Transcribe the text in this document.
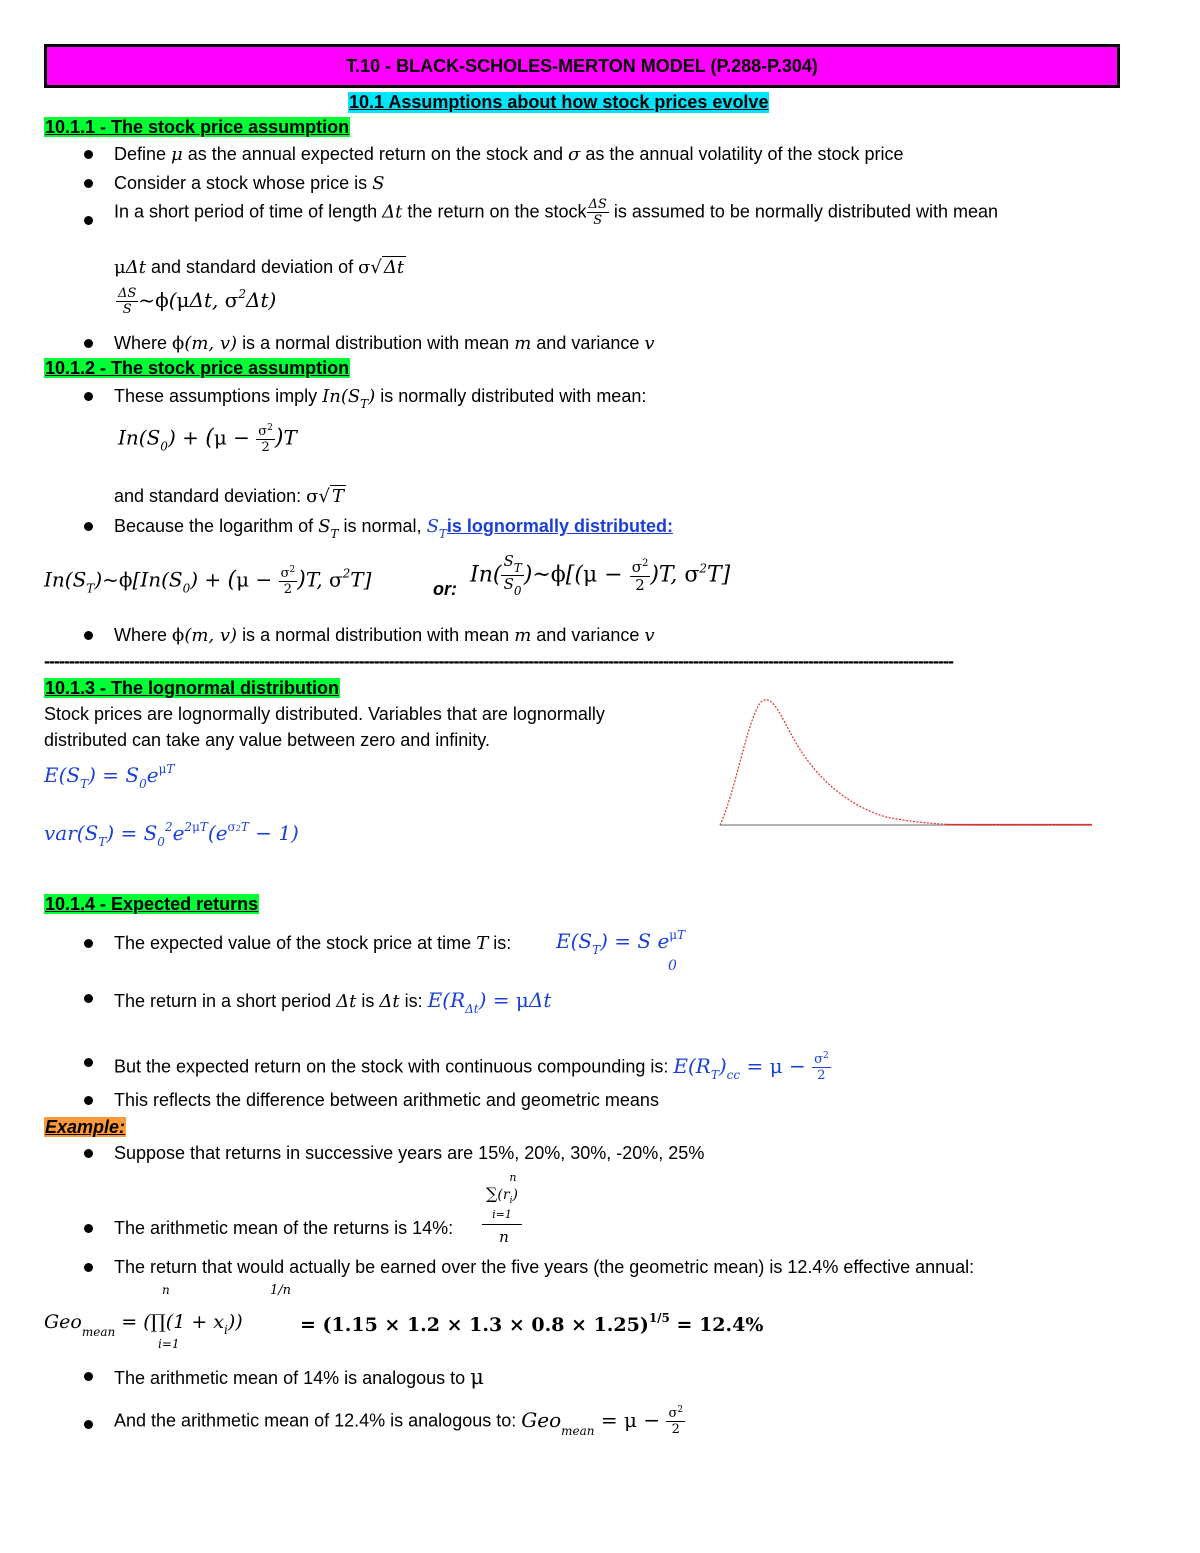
T.10 - BLACK-SCHOLES-MERTON MODEL (P.288-P.304)
10.1 Assumptions about how stock prices evolve
10.1.1 - The stock price assumption
Define μ as the annual expected return on the stock and σ as the annual volatility of the stock price
Consider a stock whose price is S
In a short period of time of length Δt the return on the stock $\frac{\Delta S}{S}$ is assumed to be normally distributed with mean
μΔt and standard deviation of σ√ Δt
$\frac{\Delta S}{S}$ ~ϕ(μΔt, $\sigma^2\Delta t$)
Where ϕ(m, v) is a normal distribution with mean m and variance v
10.1.2 - The stock price assumption
These assumptions imply $In(S_T)$ is normally distributed with mean:
$In(S_0) + (\mu - \frac{\sigma^2}{2} )T$
and standard deviation: σ√ T
Because the logarithm of $S_T$ is normal, $S_Tis$ lognormally distributed:
$In(S_T)\sim\phi[In(S_0) + (\mu - \frac{\sigma^2}{2} )T$, $\sigma^2T$]	or:
$In( \frac{S_T}{S_0}$ )~ϕ[(μ − $\frac{\sigma^2}{2} )T$, $\sigma^2T$]
Where ϕ(m, v) is a normal distribution with mean m and variance v
--------------------------------------------------------------------------------------------------------------------------------------------------------------------------------------
10.1.3 - The lognormal distribution
Stock prices are lognormally distributed. Variables that are lognormally
distributed can take any value between zero and infinity.
$E(S_T) = S_0e^{\mu T}$
$var(S_T) = S_0^2e^{2\mu T}(e^{\sigma 2T} - 1)$
10.1.4 - Expected returns
The expected value of the stock price at time T is: $E(S_T) = S$ $e^{\mu T}$
0
The return in a short period Δt is Δt is: $E(R_{\Delta t}) = \mu\Delta t$
But the expected return on the stock with continuous compounding is: $E(R_T)_{cc} = \mu - \frac{\sigma^2}{2}$
This reflects the difference between arithmetic and geometric means
Example:
Suppose that returns in successive years are 15%, 20%, 30%, -20%, 25%
n
$\sum(r_i)$
i=1
n
The arithmetic mean of the returns is 14%:
The return that would actually be earned over the five years (the geometric mean) is 12.4% effective annual:
n	1/n
Geo$_{mean}$ = (∏(1 + $x_i$))
i=1
= $(1.15 \times 1.2 \times 1.3 \times 0.8 \times 1.25)^{1/5} = 12.4\%$
The arithmetic mean of 14% is analogous to μ
And the arithmetic mean of 12.4% is analogous to: $Geo_{mean} = \mu - \frac{\sigma^2}{2}$
